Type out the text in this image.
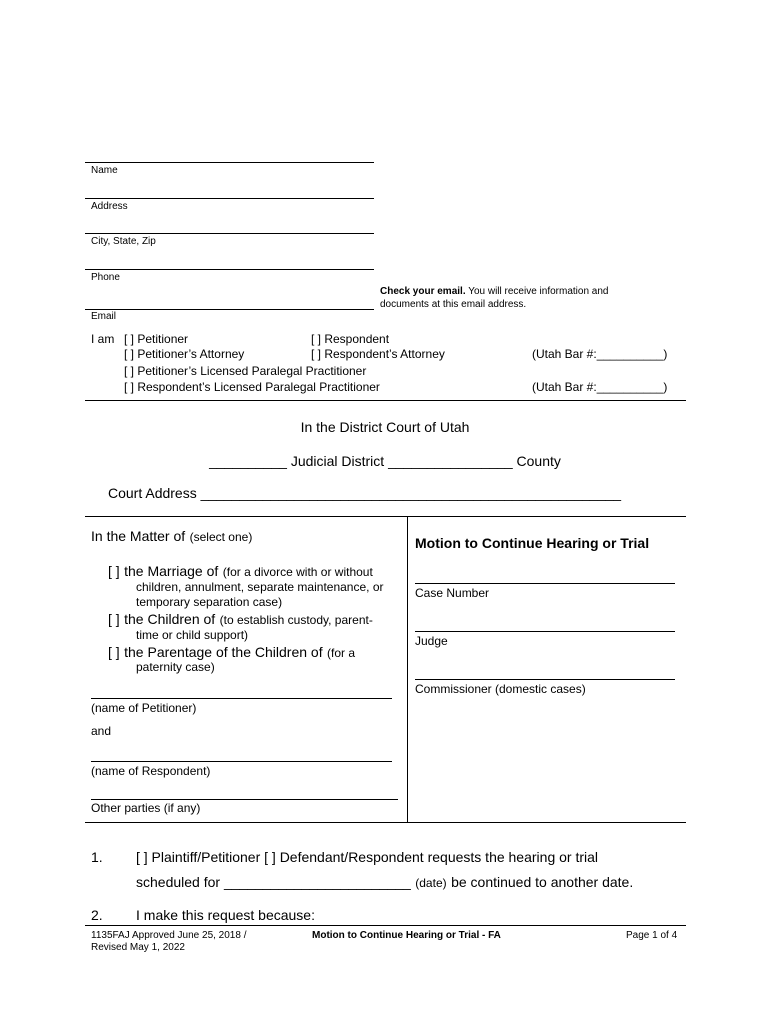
Name
Address
City, State, Zip
Phone
Check your email. You will receive information and documents at this email address.
Email
I am [ ] Petitioner	[ ] Respondent
[ ] Petitioner’s Attorney	[ ] Respondent’s Attorney	(Utah Bar #:__________)
[ ] Petitioner’s Licensed Paralegal Practitioner
[ ] Respondent’s Licensed Paralegal Practitioner	(Utah Bar #:__________)
In the District Court of Utah
__________ Judicial District ________________ County
Court Address ______________________________________________________
In the Matter of (select one)
[ ] the Marriage of (for a divorce with or without
children, annulment, separate maintenance, or
temporary separation case)
[ ] the Children of (to establish custody, parent-
time or child support)
[ ] the Parentage of the Children of (for a
paternity case)
(name of Petitioner)
and
(name of Respondent)
Other parties (if any)
Motion to Continue Hearing or Trial
Case Number
Judge
Commissioner (domestic cases)
1. [ ] Plaintiff/Petitioner [ ] Defendant/Respondent requests the hearing or trial
scheduled for ________________________ (date) be continued to another date.
2. I make this request because:
1135FAJ Approved June 25, 2018 /
Revised May 1, 2022
Motion to Continue Hearing or Trial - FA	Page 1 of 4
